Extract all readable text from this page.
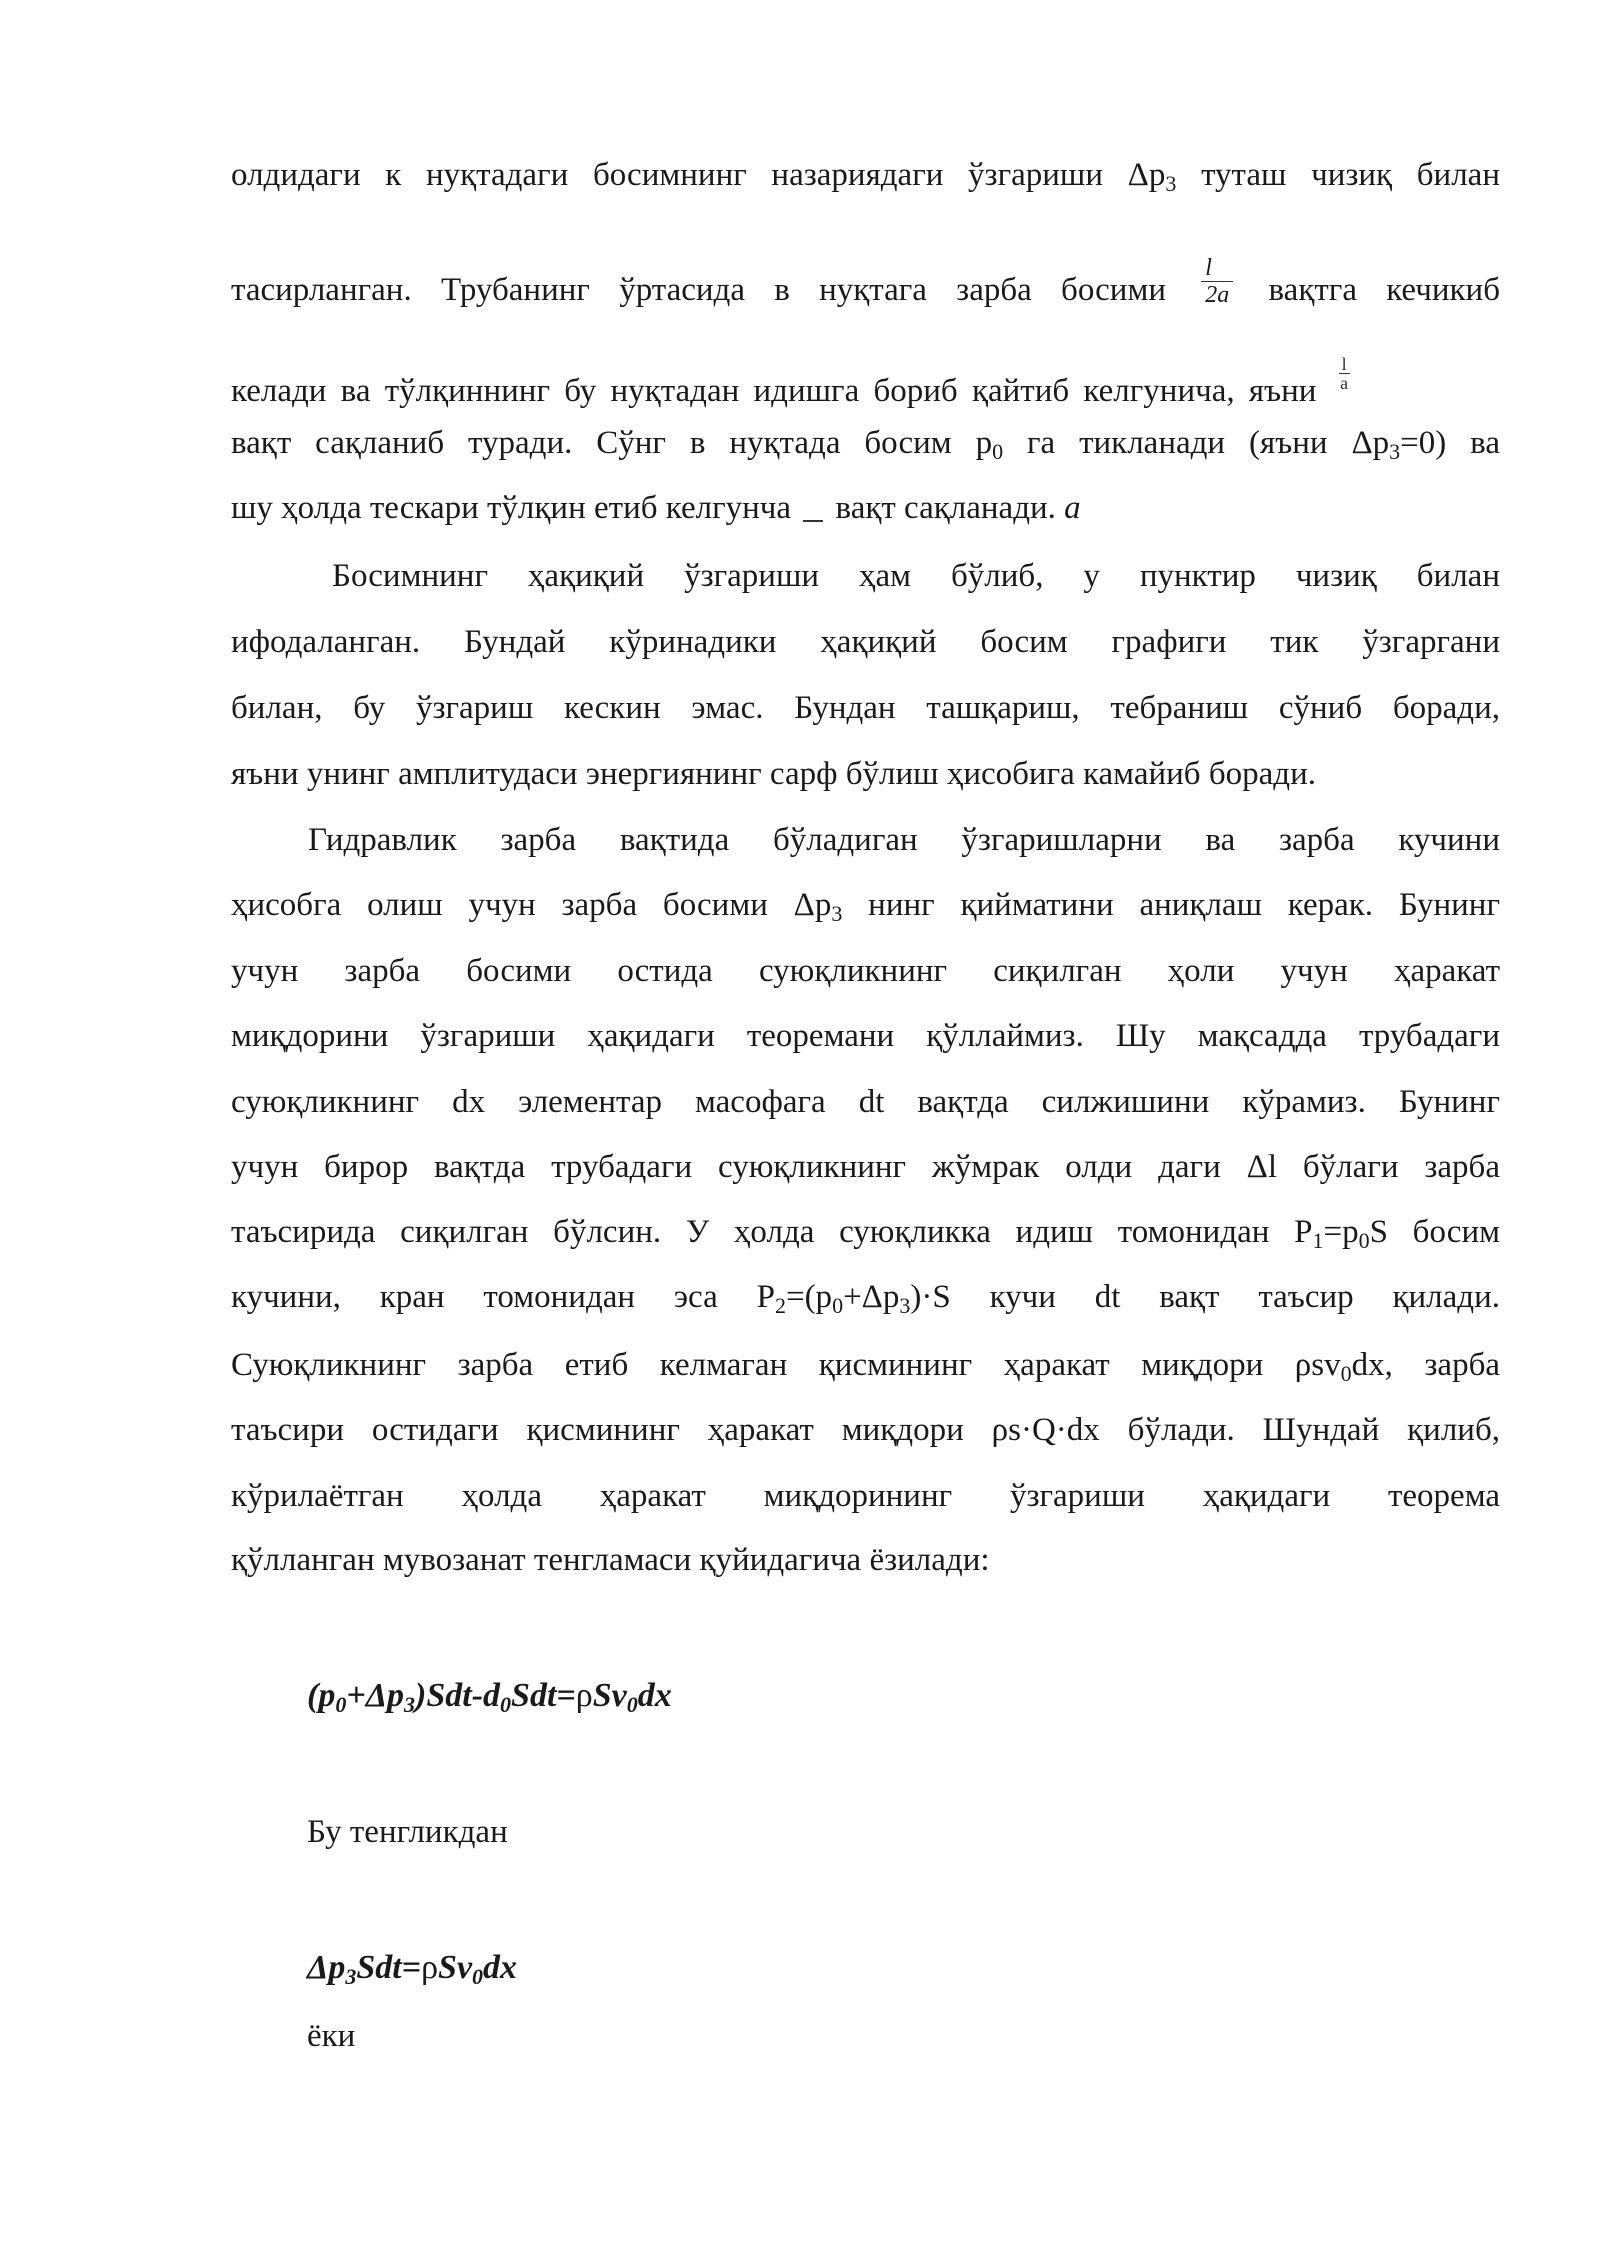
олдидаги к нуқтадаги босимнинг назариядаги ўзгариши $\Delta p_3$ туташ чизиқ билан
тасирланган. Трубанинг ўртасида в нуқтага зарба босими $\frac{l}{2a}$ вақтга кечикиб
келади ва тўлқиннинг бу нуқтадан идишга бориб қайтиб келгунича, яъни $\frac{l}{a}$
вақт сақланиб туради. Сўнг в нуқтада босим $p_0$ га тикланади (яъни $\Delta p_3=0$) ва
шу ҳолда тескари тўлқин етиб келгунча  вақт сақланади. a
Босимнинг ҳақиқий ўзгариши ҳам бўлиб, у пунктир чизиқ билан
ифодаланган. Бундай кўринадики ҳақиқий босим графиги тик ўзгаргани
билан, бу ўзгариш кескин эмас. Бундан ташқариш, тебраниш сўниб боради,
яъни унинг амплитудаси энергиянинг сарф бўлиш ҳисобига камайиб боради.
Гидравлик зарба вақтида бўладиган ўзгаришларни ва зарба кучини
ҳисобга олиш учун зарба босими $\Delta p_3$ нинг қийматини аниқлаш керак. Бунинг
учун зарба босими остида суюқликнинг сиқилган ҳоли учун ҳаракат
миқдорини ўзгариши ҳақидаги теоремани қўллаймиз. Шу мақсадда трубадаги
суюқликнинг dx элементар масофага dt вақтда силжишини кўрамиз. Бунинг
учун бирор вақтда трубадаги суюқликнинг жўмрак олди даги Δl бўлаги зарба
таъсирида сиқилган бўлсин. У ҳолда суюқликка идиш томонидан $P_1=p_0S$ босим
кучини, кран томонидан эса $P_2=(p_0+\Delta p_3)\cdot S$ кучи dt вақт таъсир қилади.
Суюқликнинг зарба етиб келмаган қисмининг ҳаракат миқдори ρsv$_0$dx, зарба
таъсири остидаги қисмининг ҳаракат миқдори ρs·Q·dx бўлади. Шундай қилиб,
кўрилаётган ҳолда ҳаракат миқдорининг ўзгариши ҳақидаги теорема
қўлланган мувозанат тенгламаси қуйидагича ёзилади:
$(p_0+\Delta p_3)Sdt-d_0Sdt=\rho Sv_0dx$
Бу тенгликдан
$\Delta p_3Sdt=\rho Sv_0dx$
ёки
